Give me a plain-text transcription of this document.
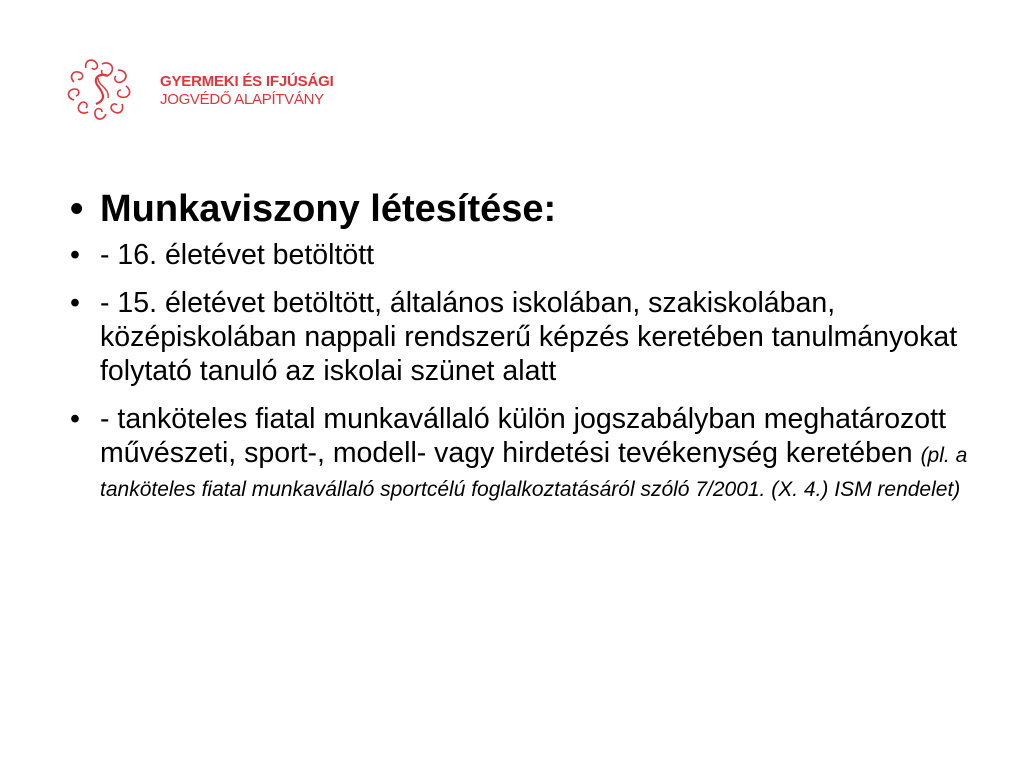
GYERMEKI ÉS IFJÚSÁGI
JOGVÉDŐ ALAPÍTVÁNY
• Munkaviszony létesítése:
• - 16. életévet betöltött
• - 15. életévet betöltött, általános iskolában, szakiskolában, középiskolában nappali rendszerű képzés keretében tanulmányokat folytató tanuló az iskolai szünet alatt
• - tanköteles fiatal munkavállaló külön jogszabályban meghatározott művészeti, sport-, modell- vagy hirdetési tevékenység keretében (pl. a tanköteles fiatal munkavállaló sportcélú foglalkoztatásáról szóló 7/2001. (X. 4.) ISM rendelet)
